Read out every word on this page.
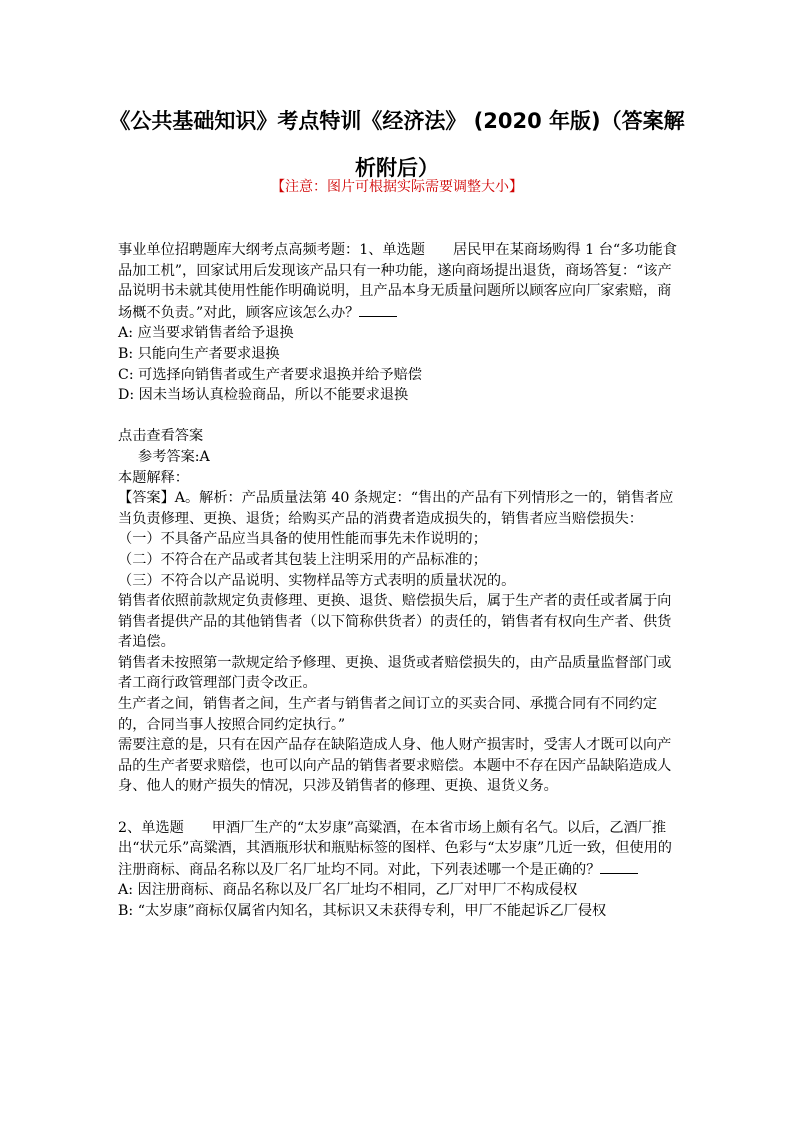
《公共基础知识》考点特训《经济法》 (2020 年版)（答案解析附后）
【注意：图片可根据实际需要调整大小】

事业单位招聘题库大纲考点高频考题：1、单选题 居民甲在某商场购得 1 台“多功能食品加工机”，回家试用后发现该产品只有一种功能，遂向商场提出退货，商场答复：“该产品说明书未就其使用性能作明确说明，且产品本身无质量问题所以顾客应向厂家索赔，商场概不负责。”对此，顾客应该怎么办？

A: 应当要求销售者给予退换

B: 只能向生产者要求退换

C: 可选择向销售者或生产者要求退换并给予赔偿

D: 因未当场认真检验商品，所以不能要求退换

点击查看答案

参考答案:A

本题解释：

【答案】A。解析：产品质量法第 40 条规定：“售出的产品有下列情形之一的，销售者应当负责修理、更换、退货；给购买产品的消费者造成损失的，销售者应当赔偿损失：

（一）不具备产品应当具备的使用性能而事先未作说明的；

（二）不符合在产品或者其包装上注明采用的产品标准的；

（三）不符合以产品说明、实物样品等方式表明的质量状况的。

销售者依照前款规定负责修理、更换、退货、赔偿损失后，属于生产者的责任或者属于向销售者提供产品的其他销售者（以下简称供货者）的责任的，销售者有权向生产者、供货者追偿。

销售者未按照第一款规定给予修理、更换、退货或者赔偿损失的，由产品质量监督部门或者工商行政管理部门责令改正。

生产者之间，销售者之间，生产者与销售者之间订立的买卖合同、承揽合同有不同约定的，合同当事人按照合同约定执行。”

需要注意的是，只有在因产品存在缺陷造成人身、他人财产损害时，受害人才既可以向产品的生产者要求赔偿，也可以向产品的销售者要求赔偿。本题中不存在因产品缺陷造成人身、他人的财产损失的情况，只涉及销售者的修理、更换、退货义务。

2、单选题 甲酒厂生产的“太岁康”高粱酒，在本省市场上颇有名气。以后，乙酒厂推出“状元乐”高粱酒，其酒瓶形状和瓶贴标签的图样、色彩与“太岁康”几近一致，但使用的注册商标、商品名称以及厂名厂址均不同。对此，下列表述哪一个是正确的？

A: 因注册商标、商品名称以及厂名厂址均不相同，乙厂对甲厂不构成侵权

B: “太岁康”商标仅属省内知名，其标识又未获得专利，甲厂不能起诉乙厂侵权
